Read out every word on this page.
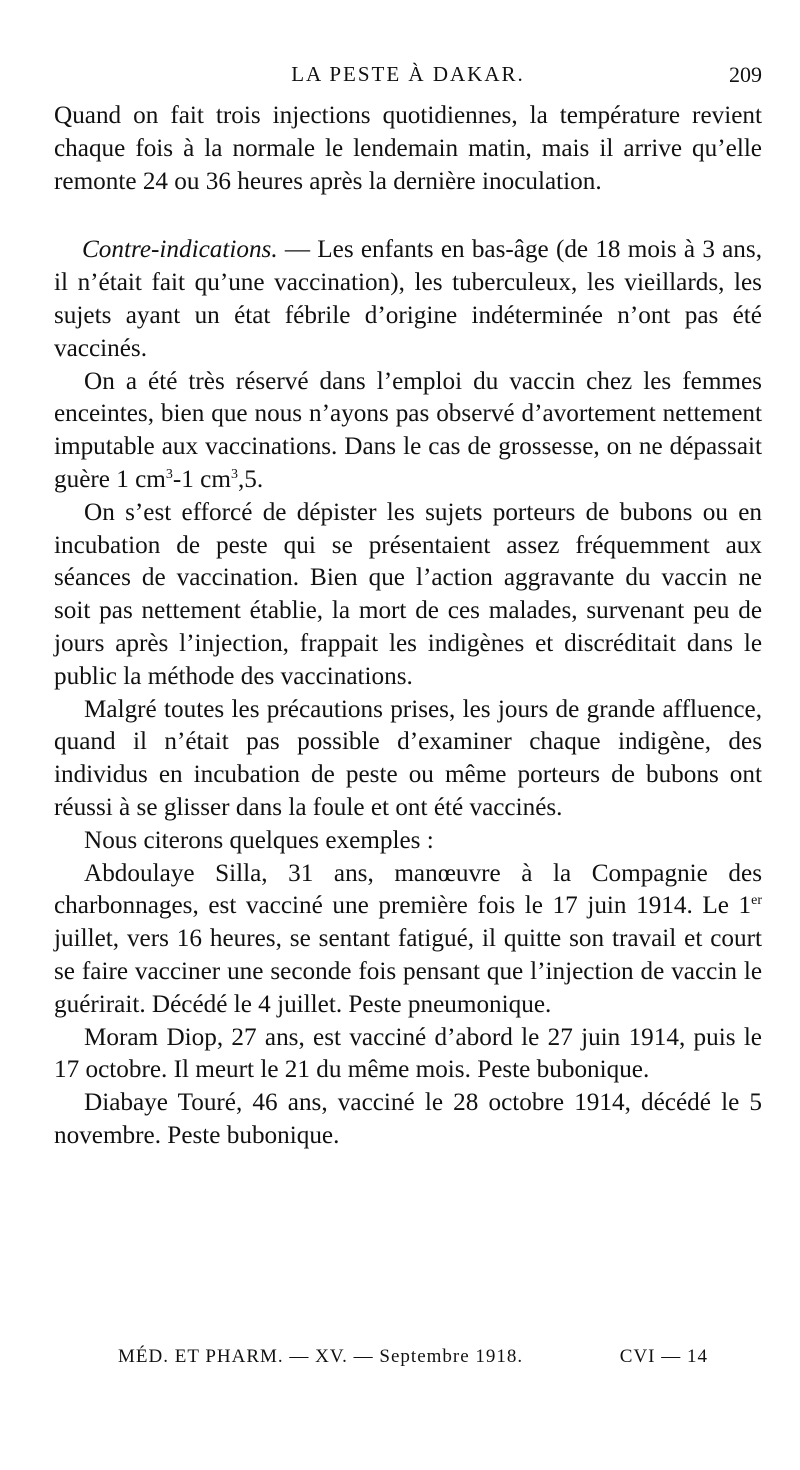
LA PESTE À DAKAR.	209

Quand on fait trois injections quotidiennes, la température revient chaque fois à la normale le lendemain matin, mais il arrive qu’elle remonte 24 ou 36 heures après la dernière inoculation.

Contre-indications. — Les enfants en bas-âge (de 18 mois à 3 ans, il n’était fait qu’une vaccination), les tuberculeux, les vieillards, les sujets ayant un état fébrile d’origine indéterminée n’ont pas été vaccinés.

On a été très réservé dans l’emploi du vaccin chez les femmes enceintes, bien que nous n’ayons pas observé d’avortement nettement imputable aux vaccinations. Dans le cas de grossesse, on ne dépassait guère 1 $cm^3-1$ $cm^3,5$.

On s’est efforcé de dépister les sujets porteurs de bubons ou en incubation de peste qui se présentaient assez fréquemment aux séances de vaccination. Bien que l’action aggravante du vaccin ne soit pas nettement établie, la mort de ces malades, survenant peu de jours après l’injection, frappait les indigènes et discréditait dans le public la méthode des vaccinations.

Malgré toutes les précautions prises, les jours de grande affluence, quand il n’était pas possible d’examiner chaque indigène, des individus en incubation de peste ou même porteurs de bubons ont réussi à se glisser dans la foule et ont été vaccinés.

Nous citerons quelques exemples :

Abdoulaye Silla, 31 ans, manœuvre à la Compagnie des charbonnages, est vacciné une première fois le 17 juin 1914. Le 1er juillet, vers 16 heures, se sentant fatigué, il quitte son travail et court se faire vacciner une seconde fois pensant que l’injection de vaccin le guérirait. Décédé le 4 juillet. Peste pneumonique.

Moram Diop, 27 ans, est vacciné d’abord le 27 juin 1914, puis le 17 octobre. Il meurt le 21 du même mois. Peste bubonique.

Diabaye Touré, 46 ans, vacciné le 28 octobre 1914, décédé le 5 novembre. Peste bubonique.

MÉD. ET PHARM. — XV. — Septembre 1918.	CVI — 14
